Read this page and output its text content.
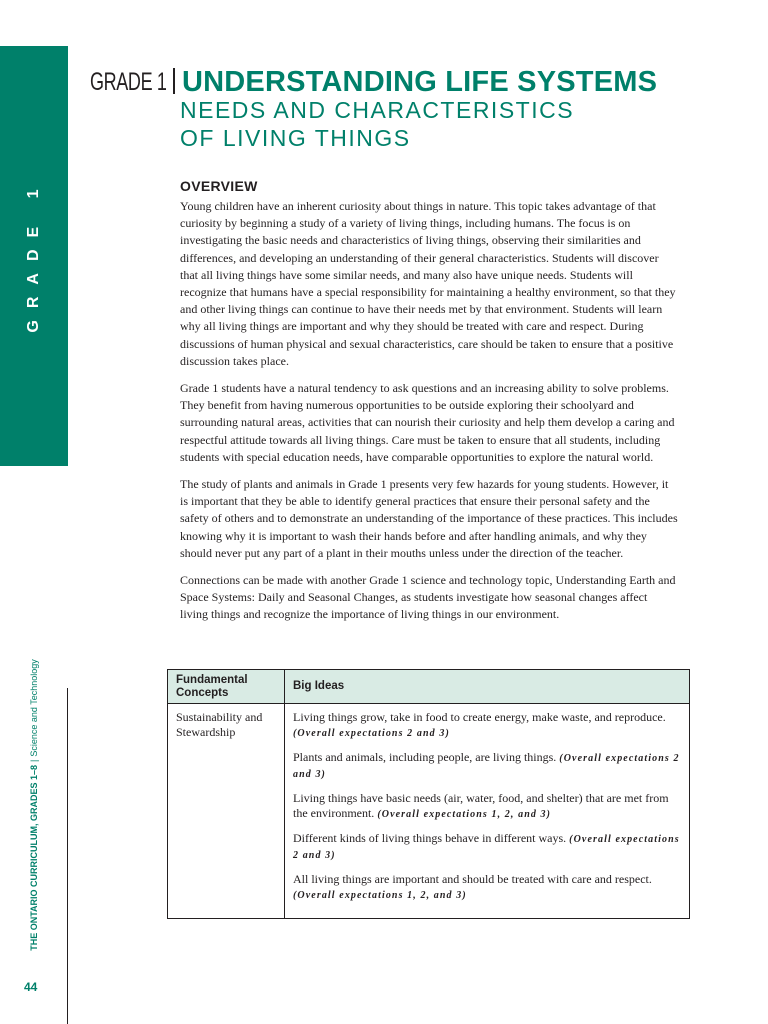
GRADE 1
THE ONTARIO CURRICULUM, GRADES 1–8|Science and Technology
44
GRADE 1 UNDERSTANDING LIFE SYSTEMS
NEEDS AND CHARACTERISTICS
OF LIVING THINGS
OVERVIEW

Young children have an inherent curiosity about things in nature. This topic takes advantage of that curiosity by beginning a study of a variety of living things, including humans. The focus is on investigating the basic needs and characteristics of living things, observing their similarities and differences, and developing an understanding of their general characteristics. Students will discover that all living things have some similar needs, and many also have unique needs. Students will recognize that humans have a special responsibility for maintaining a healthy environment, so that they and other living things can continue to have their needs met by that environment. Students will learn why all living things are important and why they should be treated with care and respect. During discussions of human physical and sexual characteristics, care should be taken to ensure that a positive discussion takes place.

Grade 1 students have a natural tendency to ask questions and an increasing ability to solve problems. They benefit from having numerous opportunities to be outside exploring their schoolyard and surrounding natural areas, activities that can nourish their curiosity and help them develop a caring and respectful attitude towards all living things. Care must be taken to ensure that all students, including students with special education needs, have comparable opportunities to explore the natural world.

The study of plants and animals in Grade 1 presents very few hazards for young students. However, it is important that they be able to identify general practices that ensure their personal safety and the safety of others and to demonstrate an understanding of the importance of these practices. This includes knowing why it is important to wash their hands before and after handling animals, and why they should never put any part of a plant in their mouths unless under the direction of the teacher.

Connections can be made with another Grade 1 science and technology topic, Understanding Earth and Space Systems: Daily and Seasonal Changes, as students investigate how seasonal changes affect living things and recognize the importance of living things in our environment.

Fundamental Concepts	Big Ideas
Sustainability and Stewardship	Living things grow, take in food to create energy, make waste, and reproduce. (Overall expectations 2 and 3)
Plants and animals, including people, are living things. (Overall expectations 2 and 3)
Living things have basic needs (air, water, food, and shelter) that are met from the environment. (Overall expectations 1, 2, and 3)
Different kinds of living things behave in different ways. (Overall expectations 2 and 3)
All living things are important and should be treated with care and respect. (Overall expectations 1, 2, and 3)
